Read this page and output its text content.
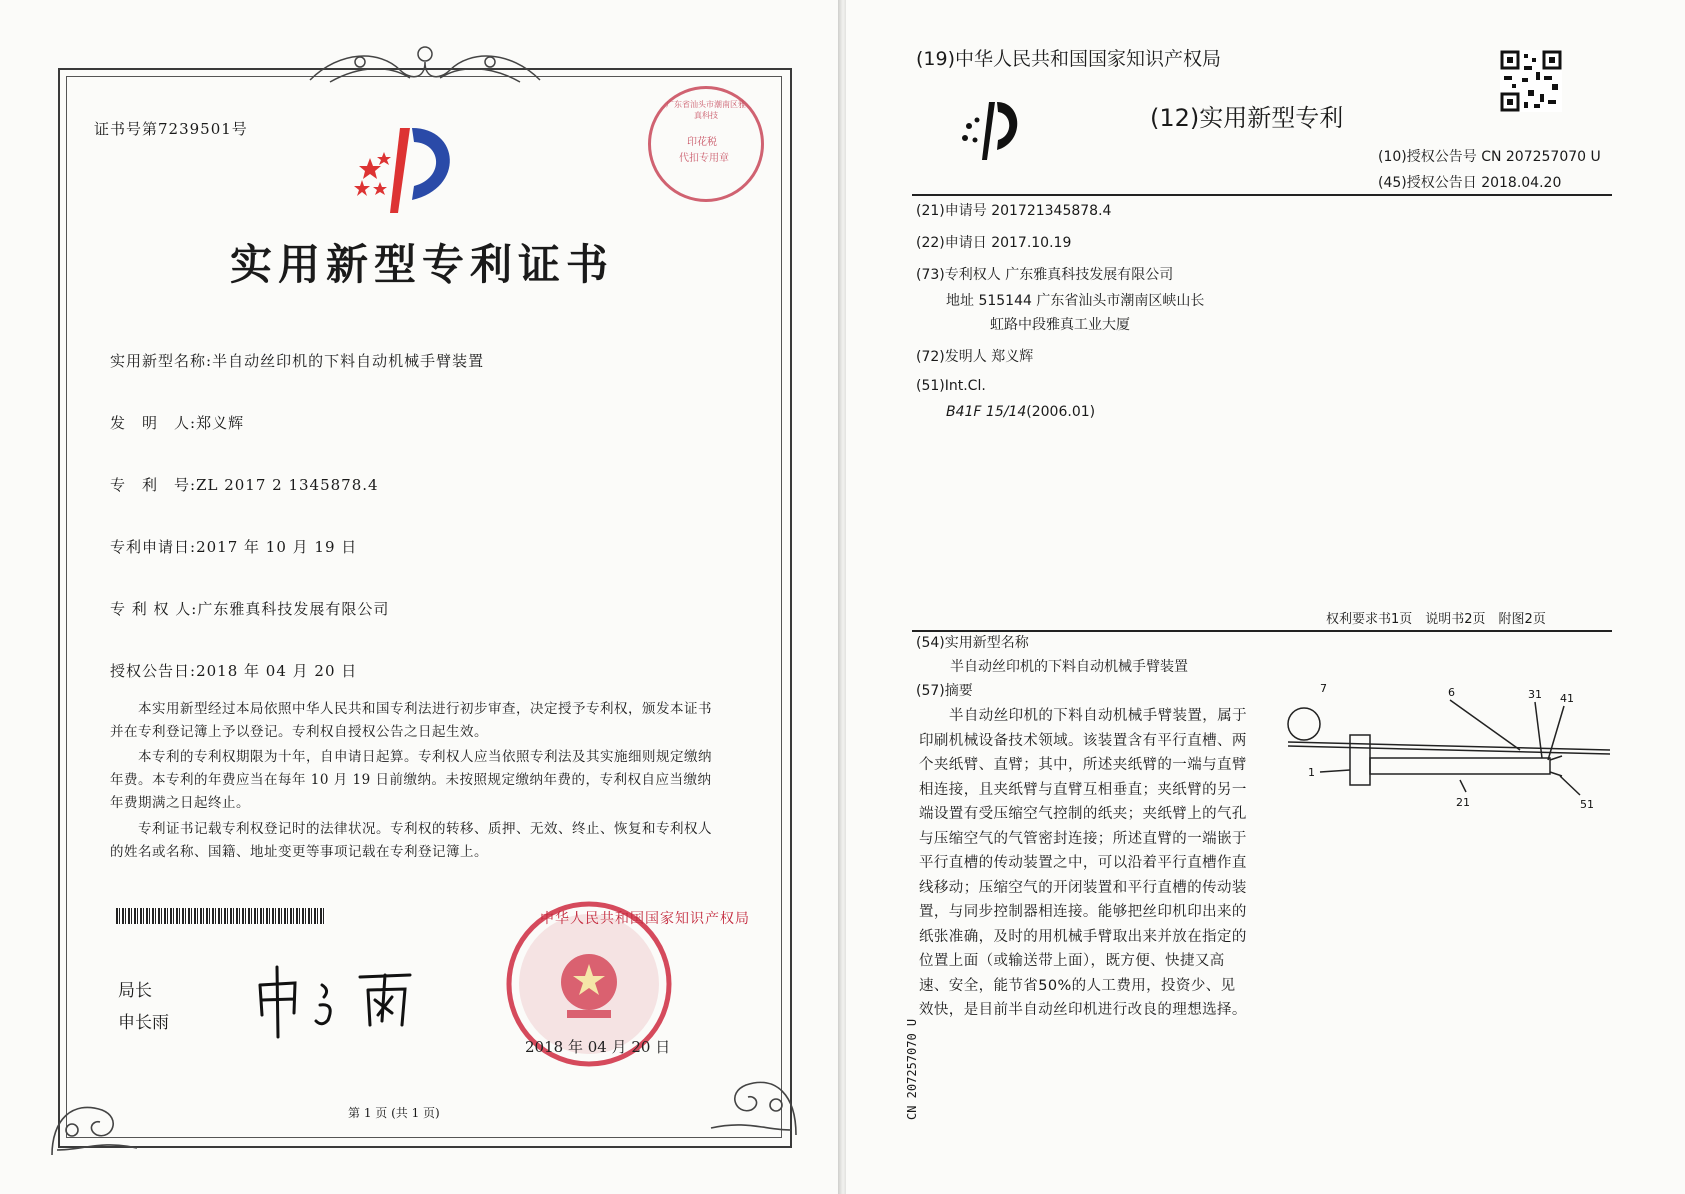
证书号第7239501号
广东省汕头市潮南区雅真科技
印花税
代扣专用章
实用新型专利证书
实用新型名称:半自动丝印机的下料自动机械手臂装置
发　明　人:郑义辉
专　利　号:ZL 2017 2 1345878.4
专利申请日:2017 年 10 月 19 日
专 利 权 人:广东雅真科技发展有限公司
授权公告日:2018 年 04 月 20 日
本实用新型经过本局依照中华人民共和国专利法进行初步审查，决定授予专利权，颁发本证书并在专利登记簿上予以登记。专利权自授权公告之日起生效。
本专利的专利权期限为十年，自申请日起算。专利权人应当依照专利法及其实施细则规定缴纳年费。本专利的年费应当在每年 10 月 19 日前缴纳。未按照规定缴纳年费的，专利权自应当缴纳年费期满之日起终止。
专利证书记载专利权登记时的法律状况。专利权的转移、质押、无效、终止、恢复和专利权人的姓名或名称、国籍、地址变更等事项记载在专利登记簿上。
局长
申长雨
中华人民共和国国家知识产权局
2018 年 04 月 20 日
第 1 页 (共 1 页)
(19)中华人民共和国国家知识产权局
(12)实用新型专利
(10)授权公告号 CN 207257070 U
(45)授权公告日 2018.04.20
(21)申请号 201721345878.4
(22)申请日 2017.10.19
(73)专利权人 广东雅真科技发展有限公司
地址 515144 广东省汕头市潮南区峡山长
虹路中段雅真工业大厦
(72)发明人 郑义辉
(51)Int.Cl.
B41F 15/14(2006.01)
权利要求书1页　说明书2页　附图2页
(54)实用新型名称
半自动丝印机的下料自动机械手臂装置
(57)摘要
半自动丝印机的下料自动机械手臂装置，属于印刷机械设备技术领域。该装置含有平行直槽、两个夹纸臂、直臂；其中，所述夹纸臂的一端与直臂相连接，且夹纸臂与直臂互相垂直；夹纸臂的另一端设置有受压缩空气控制的纸夹；夹纸臂上的气孔与压缩空气的气管密封连接；所述直臂的一端嵌于平行直槽的传动装置之中，可以沿着平行直槽作直线移动；压缩空气的开闭装置和平行直槽的传动装置，与同步控制器相连接。能够把丝印机印出来的纸张准确，及时的用机械手臂取出来并放在指定的位置上面（或输送带上面），既方便、快捷又高速、安全，能节省50%的人工费用，投资少、见效快，是目前半自动丝印机进行改良的理想选择。
7	6	31 41
1
21	51
CN 207257070 U
